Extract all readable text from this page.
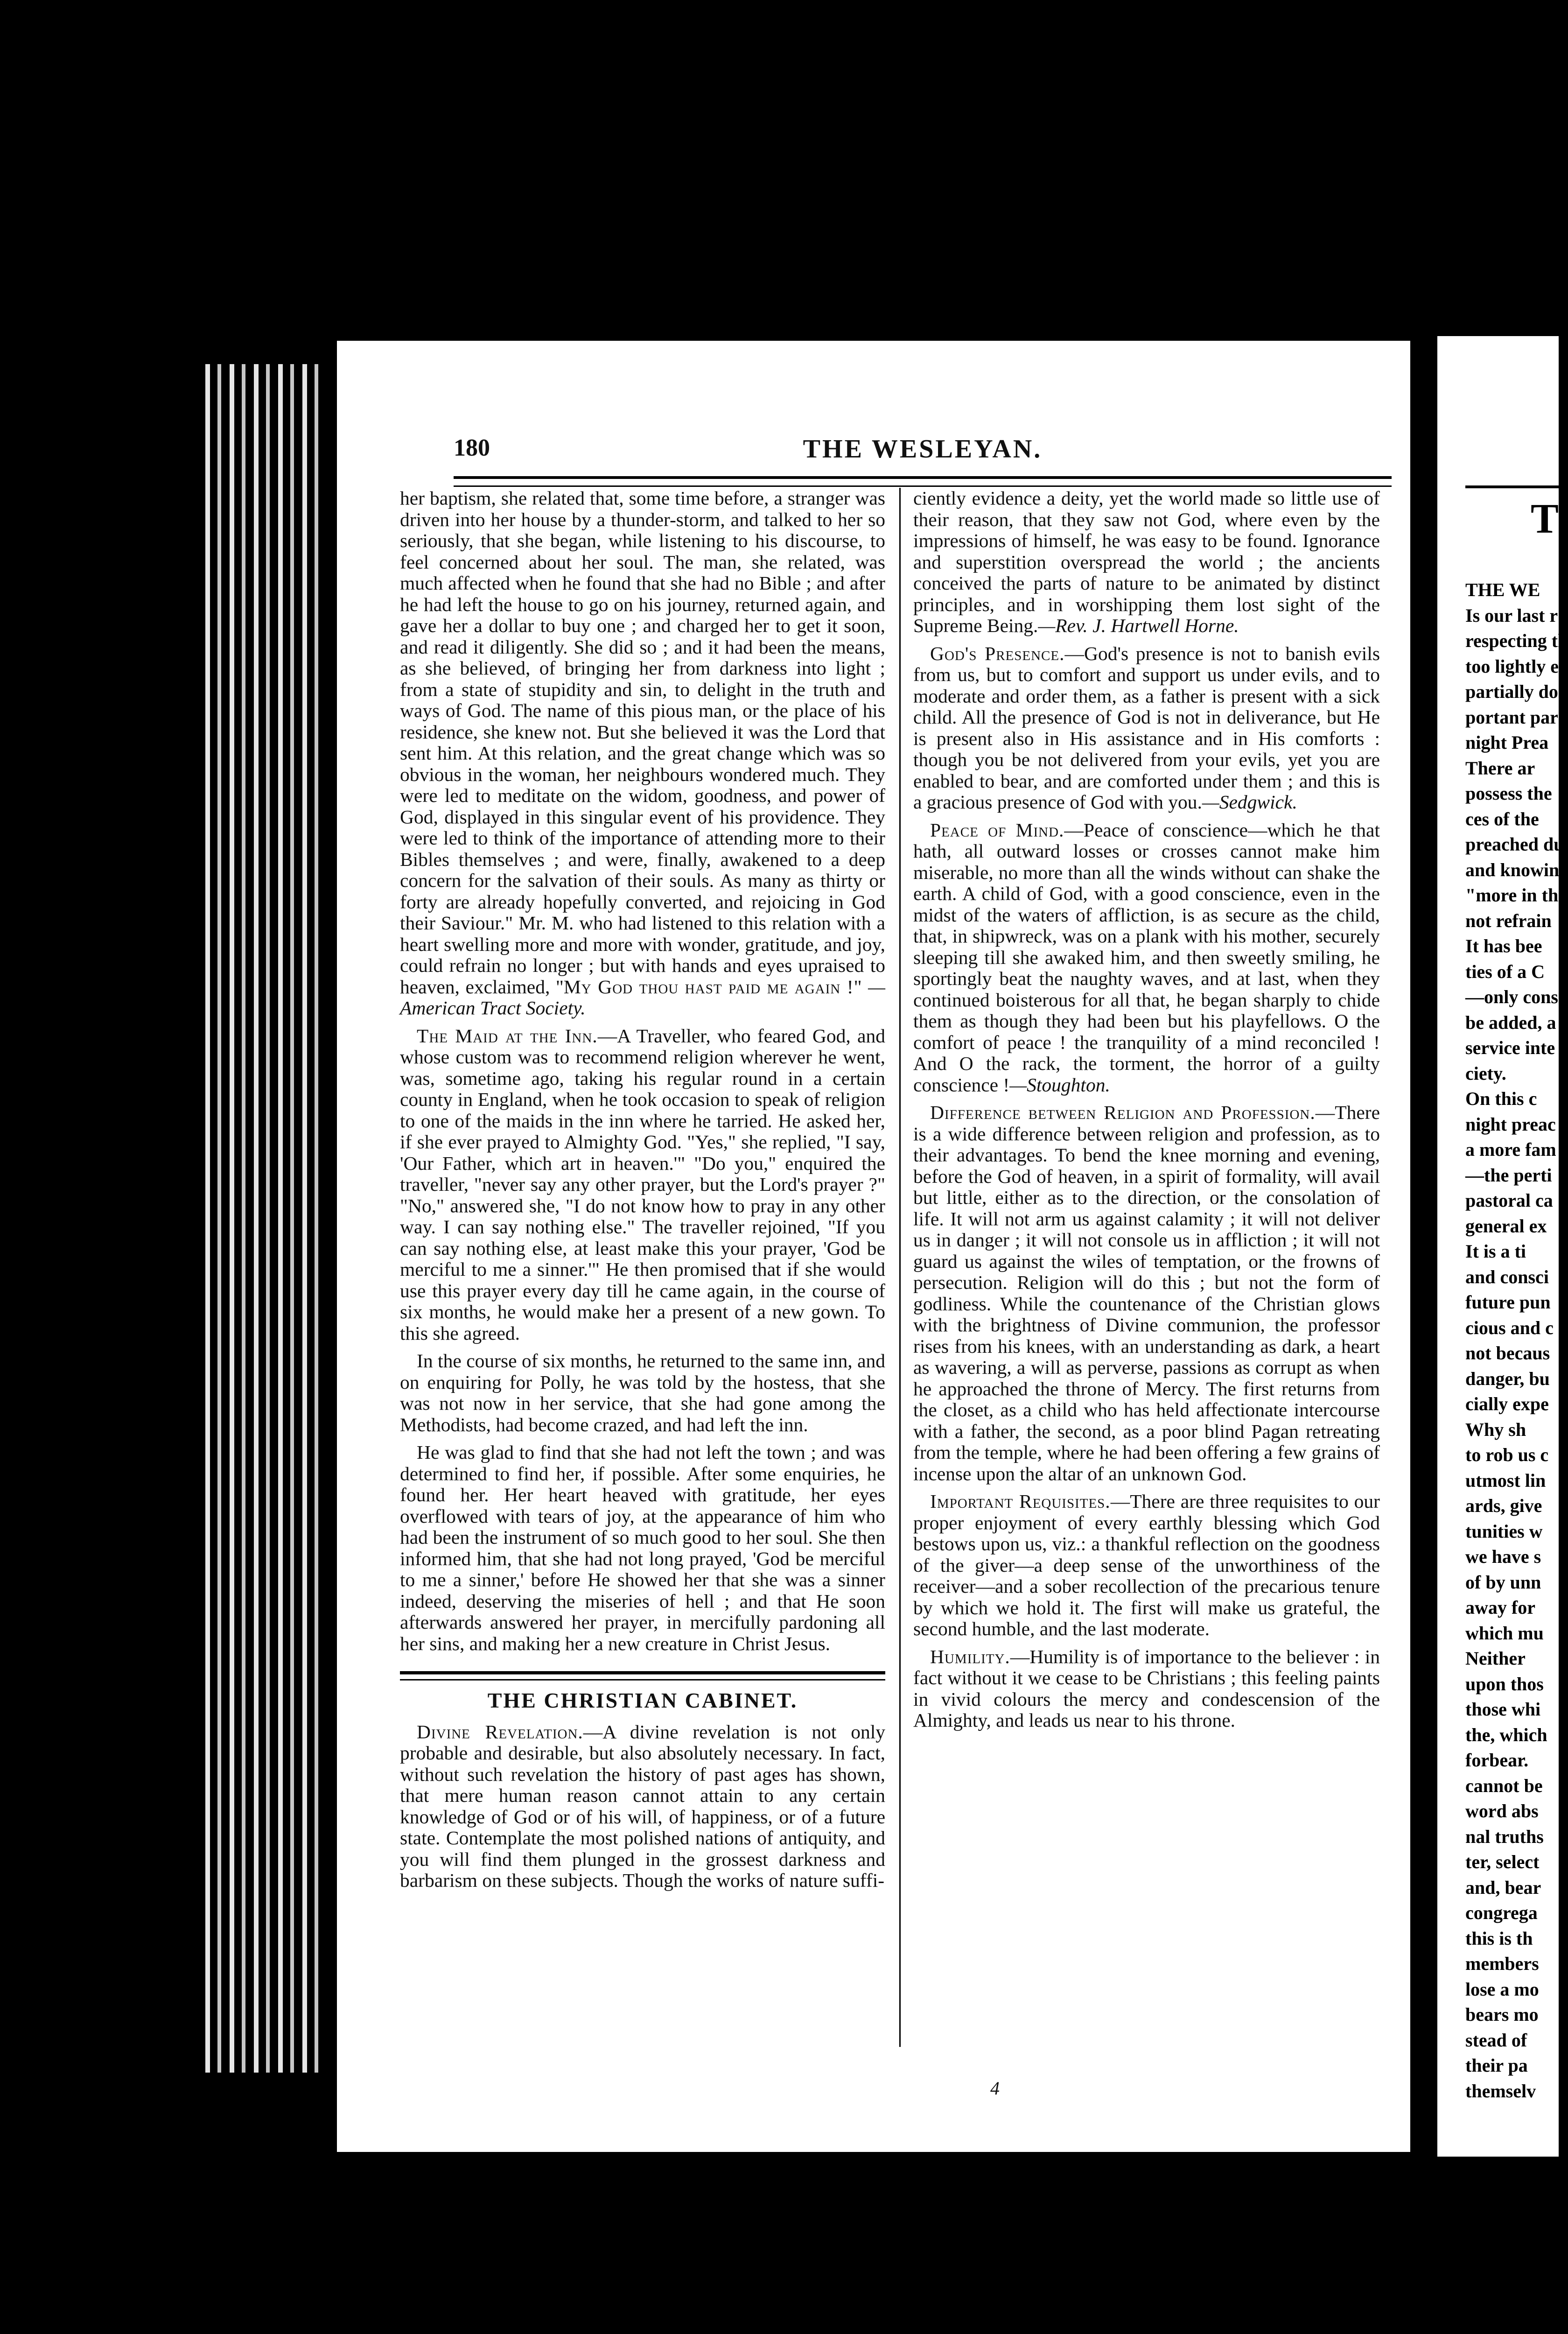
180	THE WESLEYAN.

her baptism, she related that, some time before, a stranger was driven into her house by a thunder-storm, and talked to her so seriously, that she began, while listening to his discourse, to feel concerned about her soul. The man, she related, was much affected when he found that she had no Bible ; and after he had left the house to go on his journey, returned again, and gave her a dollar to buy one ; and charged her to get it soon, and read it diligently. She did so ; and it had been the means, as she believed, of bringing her from darkness into light ; from a state of stupidity and sin, to delight in the truth and ways of God. The name of this pious man, or the place of his residence, she knew not. But she believed it was the Lord that sent him. At this relation, and the great change which was so obvious in the woman, her neighbours wondered much. They were led to meditate on the widom, goodness, and power of God, displayed in this singular event of his providence. They were led to think of the importance of attending more to their Bibles themselves ; and were, finally, awakened to a deep concern for the salvation of their souls. As many as thirty or forty are already hopefully converted, and rejoicing in God their Saviour." Mr. M. who had listened to this relation with a heart swelling more and more with wonder, gratitude, and joy, could refrain no longer ; but with hands and eyes upraised to heaven, exclaimed, "My God thou hast paid me again !" —American Tract Society.

The Maid at the Inn.—A Traveller, who feared God, and whose custom was to recommend religion wherever he went, was, sometime ago, taking his regular round in a certain county in England, when he took occasion to speak of religion to one of the maids in the inn where he tarried. He asked her, if she ever prayed to Almighty God. "Yes," she replied, "I say, 'Our Father, which art in heaven.'" "Do you," enquired the traveller, "never say any other prayer, but the Lord's prayer ?" "No," answered she, "I do not know how to pray in any other way. I can say nothing else." The traveller rejoined, "If you can say nothing else, at least make this your prayer, 'God be merciful to me a sinner.'" He then promised that if she would use this prayer every day till he came again, in the course of six months, he would make her a present of a new gown. To this she agreed.

In the course of six months, he returned to the same inn, and on enquiring for Polly, he was told by the hostess, that she was not now in her service, that she had gone among the Methodists, had become crazed, and had left the inn.

He was glad to find that she had not left the town ; and was determined to find her, if possible. After some enquiries, he found her. Her heart heaved with gratitude, her eyes overflowed with tears of joy, at the appearance of him who had been the instrument of so much good to her soul. She then informed him, that she had not long prayed, 'God be merciful to me a sinner,' before He showed her that she was a sinner indeed, deserving the miseries of hell ; and that He soon afterwards answered her prayer, in mercifully pardoning all her sins, and making her a new creature in Christ Jesus.

THE CHRISTIAN CABINET.

Divine Revelation.—A divine revelation is not only probable and desirable, but also absolutely necessary. In fact, without such revelation the history of past ages has shown, that mere human reason cannot attain to any certain knowledge of God or of his will, of happiness, or of a future state. Contemplate the most polished nations of antiquity, and you will find them plunged in the grossest darkness and barbarism on these subjects. Though the works of nature suffi-

ciently evidence a deity, yet the world made so little use of their reason, that they saw not God, where even by the impressions of himself, he was easy to be found. Ignorance and superstition overspread the world ; the ancients conceived the parts of nature to be animated by distinct principles, and in worshipping them lost sight of the Supreme Being.—Rev. J. Hartwell Horne.

God's Presence.—God's presence is not to banish evils from us, but to comfort and support us under evils, and to moderate and order them, as a father is present with a sick child. All the presence of God is not in deliverance, but He is present also in His assistance and in His comforts : though you be not delivered from your evils, yet you are enabled to bear, and are comforted under them ; and this is a gracious presence of God with you.—Sedgwick.

Peace of Mind.—Peace of conscience—which he that hath, all outward losses or crosses cannot make him miserable, no more than all the winds without can shake the earth. A child of God, with a good conscience, even in the midst of the waters of affliction, is as secure as the child, that, in shipwreck, was on a plank with his mother, securely sleeping till she awaked him, and then sweetly smiling, he sportingly beat the naughty waves, and at last, when they continued boisterous for all that, he began sharply to chide them as though they had been but his playfellows. O the comfort of peace ! the tranquility of a mind reconciled ! And O the rack, the torment, the horror of a guilty conscience !—Stoughton.

Difference between Religion and Profession.—There is a wide difference between religion and profession, as to their advantages. To bend the knee morning and evening, before the God of heaven, in a spirit of formality, will avail but little, either as to the direction, or the consolation of life. It will not arm us against calamity ; it will not deliver us in danger ; it will not console us in affliction ; it will not guard us against the wiles of temptation, or the frowns of persecution. Religion will do this ; but not the form of godliness. While the countenance of the Christian glows with the brightness of Divine communion, the professor rises from his knees, with an understanding as dark, a heart as wavering, a will as perverse, passions as corrupt as when he approached the throne of Mercy. The first returns from the closet, as a child who has held affectionate intercourse with a father, the second, as a poor blind Pagan retreating from the temple, where he had been offering a few grains of incense upon the altar of an unknown God.

Important Requisites.—There are three requisites to our proper enjoyment of every earthly blessing which God bestows upon us, viz.: a thankful reflection on the goodness of the giver—a deep sense of the unworthiness of the receiver—and a sober recollection of the precarious tenure by which we hold it. The first will make us grateful, the second humble, and the last moderate.

Humility.—Humility is of importance to the believer : in fact without it we cease to be Christians ; this feeling paints in vivid colours the mercy and condescension of the Almighty, and leads us near to his throne.

4
T
THE WE
Is our last r
respecting th
too lightly e
partially do
portant par
night Prea
There ar
possess the
ces of the
preached du
and knowin
"more in th
not refrain
It has bee
ties of a C
—only cons
be added, a
service inte
ciety.
On this c
night preac
a more fam
—the perti
pastoral ca
general ex
It is a ti
and consci
future pun
cious and c
not becaus
danger, bu
cially expe
Why sh
to rob us c
utmost lin
ards, give
tunities w
we have s
of by unn
away for
which mu
Neither
upon thos
those whi
the, which
forbear.
cannot be
word abs
nal truths
ter, select
and, bear
congrega
this is th
members
lose a mo
bears mo
stead of
their pa
themselv
